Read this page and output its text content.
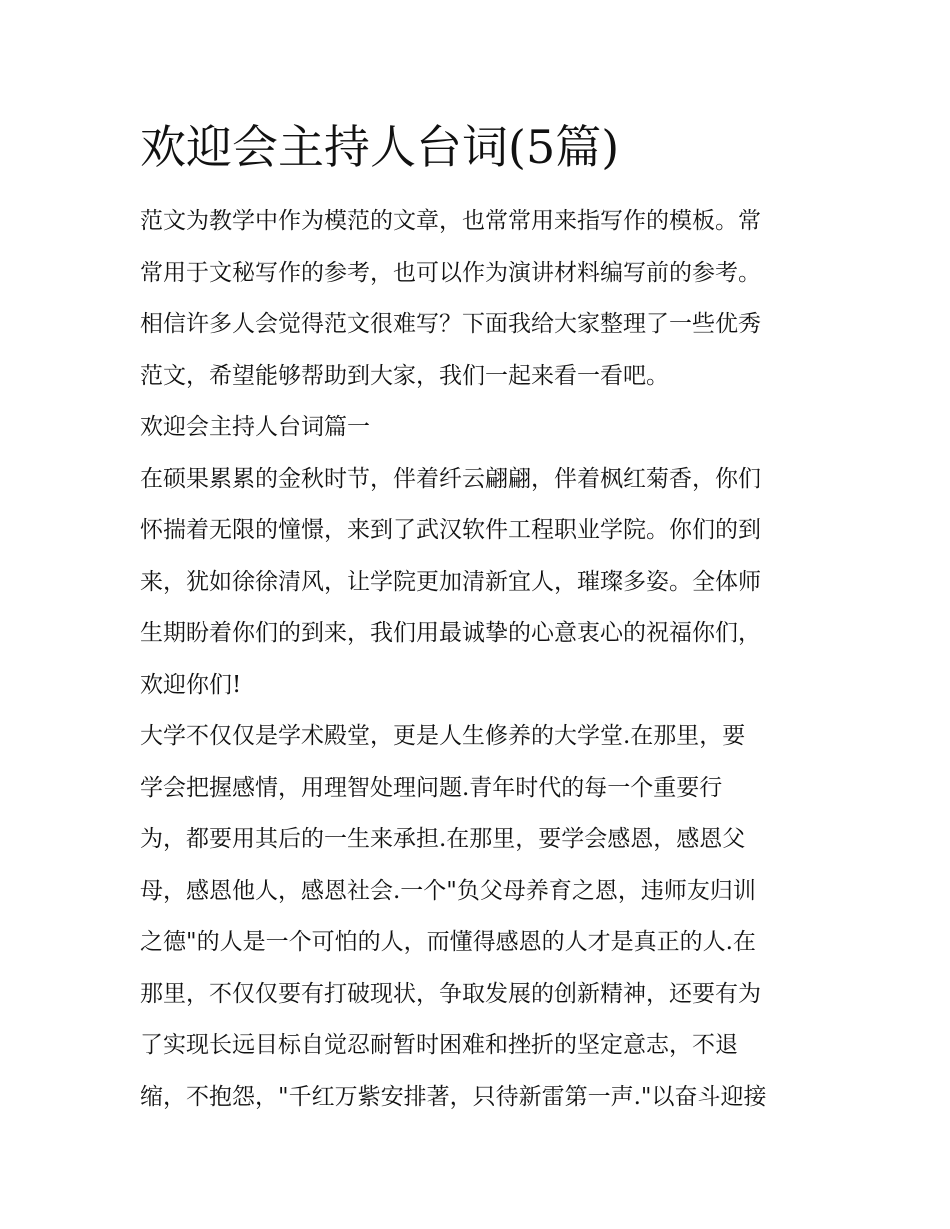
欢迎会主持人台词(5篇)
范文为教学中作为模范的文章，也常常用来指写作的模板。常
常用于文秘写作的参考，也可以作为演讲材料编写前的参考。
相信许多人会觉得范文很难写？下面我给大家整理了一些优秀
范文，希望能够帮助到大家，我们一起来看一看吧。
欢迎会主持人台词篇一
在硕果累累的金秋时节，伴着纤云翩翩，伴着枫红菊香，你们
怀揣着无限的憧憬，来到了武汉软件工程职业学院。你们的到
来，犹如徐徐清风，让学院更加清新宜人，璀璨多姿。全体师
生期盼着你们的到来，我们用最诚挚的心意衷心的祝福你们，
欢迎你们!
大学不仅仅是学术殿堂，更是人生修养的大学堂.在那里，要
学会把握感情，用理智处理问题.青年时代的每一个重要行
为，都要用其后的一生来承担.在那里，要学会感恩，感恩父
母，感恩他人，感恩社会.一个"负父母养育之恩，违师友归训
之德"的人是一个可怕的人，而懂得感恩的人才是真正的人.在
那里，不仅仅要有打破现状，争取发展的创新精神，还要有为
了实现长远目标自觉忍耐暂时困难和挫折的坚定意志，不退
缩，不抱怨，"千红万紫安排著，只待新雷第一声."以奋斗迎接
